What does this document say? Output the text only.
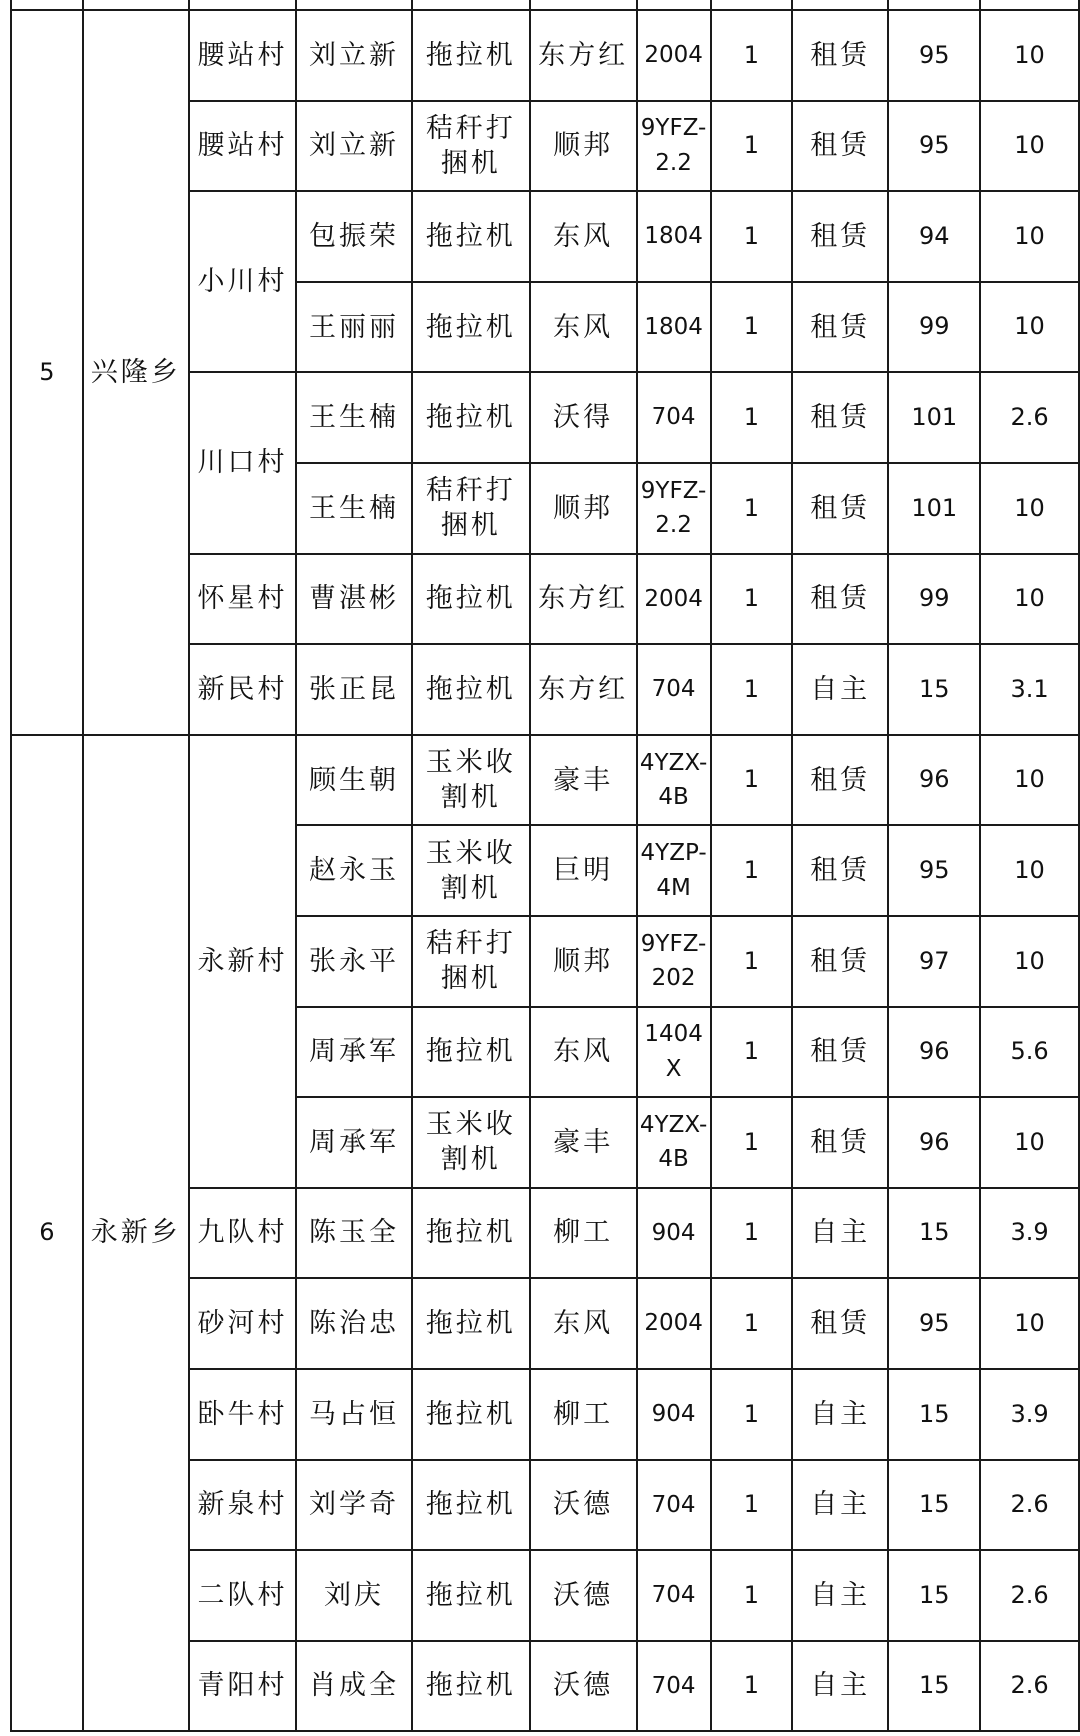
5	兴隆乡	腰站村	刘立新	拖拉机	东方红	2004	1	租赁	95	10
		腰站村	刘立新	秸秆打捆机	顺邦	9YFZ-2.2	1	租赁	95	10
		小川村	包振荣	拖拉机	东风	1804	1	租赁	94	10
			王丽丽	拖拉机	东风	1804	1	租赁	99	10
		川口村	王生楠	拖拉机	沃得	704	1	租赁	101	2.6
			王生楠	秸秆打捆机	顺邦	9YFZ-2.2	1	租赁	101	10
		怀星村	曹湛彬	拖拉机	东方红	2004	1	租赁	99	10
		新民村	张正昆	拖拉机	东方红	704	1	自主	15	3.1
6	永新乡	永新村	顾生朝	玉米收割机	豪丰	4YZX-4B	1	租赁	96	10
			赵永玉	玉米收割机	巨明	4YZP-4M	1	租赁	95	10
			张永平	秸秆打捆机	顺邦	9YFZ-202	1	租赁	97	10
			周承军	拖拉机	东风	1404X	1	租赁	96	5.6
			周承军	玉米收割机	豪丰	4YZX-4B	1	租赁	96	10
		九队村	陈玉全	拖拉机	柳工	904	1	自主	15	3.9
		砂河村	陈治忠	拖拉机	东风	2004	1	租赁	95	10
		卧牛村	马占恒	拖拉机	柳工	904	1	自主	15	3.9
		新泉村	刘学奇	拖拉机	沃德	704	1	自主	15	2.6
		二队村	刘庆	拖拉机	沃德	704	1	自主	15	2.6
		青阳村	肖成全	拖拉机	沃德	704	1	自主	15	2.6
